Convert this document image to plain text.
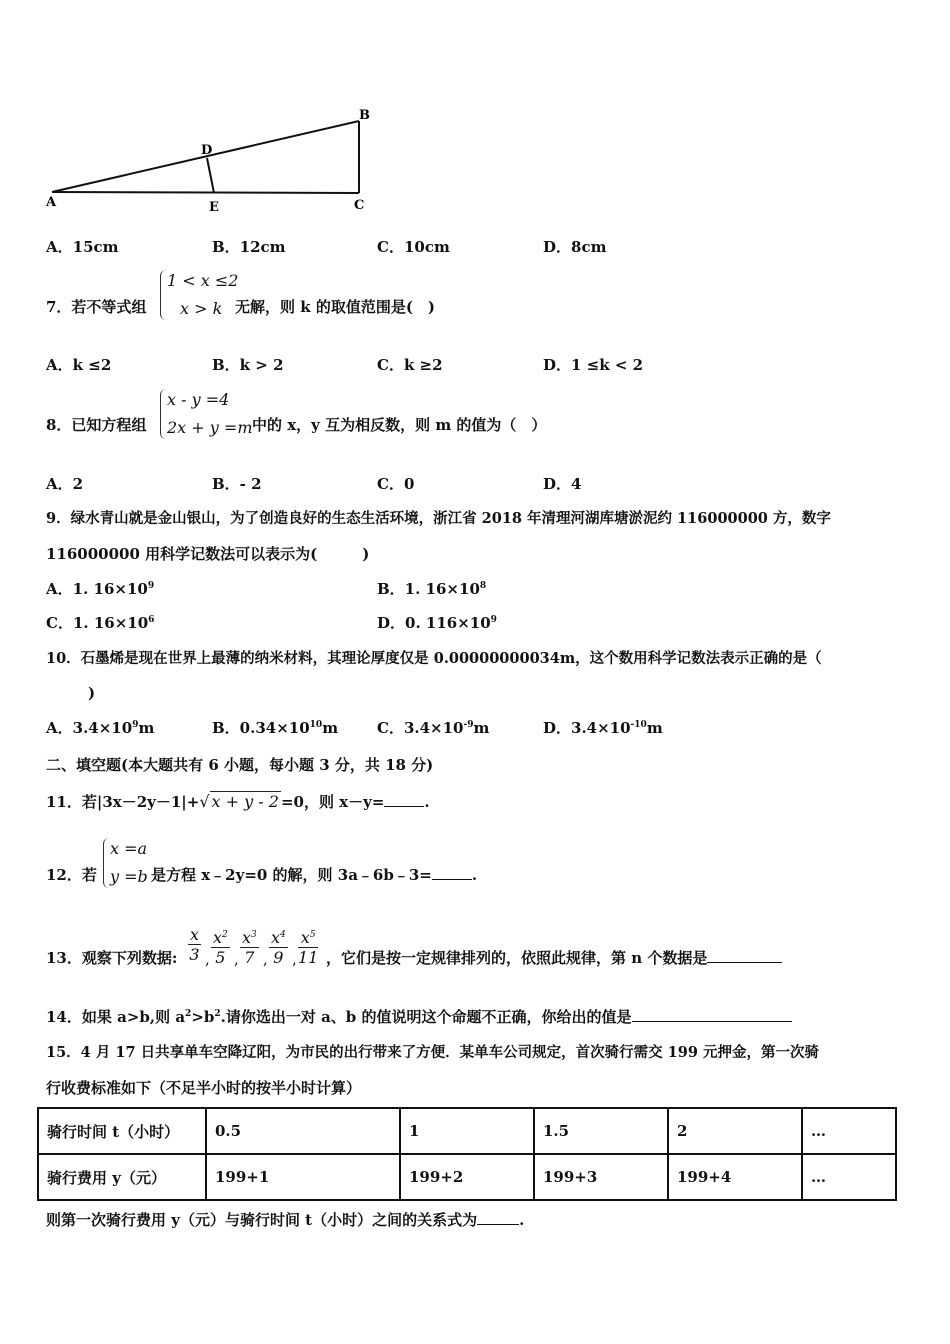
A
B
C
D
E
A．15cm	B．12cm	C．10cm	D．8cm
7．若不等式组
1 < x ≤2
x > k 无解，则 k 的取值范围是(　)
A．k ≤2	B．k > 2	C．k ≥2	D．1 ≤k < 2
8．已知方程组
x - y =4
2x + y =m 中的 x，y 互为相反数，则 m 的值为（　）
A．2	B．- 2	C．0	D．4
9．绿水青山就是金山银山，为了创造良好的生态生活环境，浙江省 2018 年清理河湖库塘淤泥约 116000000 方，数字
116000000 用科学记数法可以表示为(　　　)
A．1. $16\times 10^9$	B．1. $16\times 10^8$
C．1. $16\times 10^6$	D．0. $116\times 10^9$
10．石墨烯是现在世界上最薄的纳米材料，其理论厚度仅是 0.00000000034m，这个数用科学记数法表示正确的是（
)
A．$3.4\times 10^9m$	B．$0.34\times 10^{10}m$	C．$3.4\times 10^{-9}m$	D．$3.4\times 10^{-10}m$
二、填空题(本大题共有 6 小题，每小题 3 分，共 18 分)
11．若|3x－2y－1|+√ x + y - 2 =0，则 x－y=	.
12．若
x =a
y =b 是方程 x﹣2y=0 的解，则 3a﹣6b﹣3=	.
13．观察下列数据: $\frac{x}{3}$ , $\frac{x^2}{5}$ , $\frac{x^3}{7}$ , $\frac{x^4}{9}$ , $\frac{x^5}{11}$ ，它们是按一定规律排列的，依照此规律，第 n 个数据是
14．如果 a>b,则 $a^2>b^2$.请你选出一对 a、b 的值说明这个命题不正确，你给出的值是
15．4 月 17 日共享单车空降辽阳，为市民的出行带来了方便．某单车公司规定，首次骑行需交 199 元押金，第一次骑
行收费标准如下（不足半小时的按半小时计算）
骑行时间 t（小时）	0.5	1	1.5	2	…
骑行费用 y（元）	199+1	199+2	199+3	199+4	…
则第一次骑行费用 y（元）与骑行时间 t（小时）之间的关系式为	.
